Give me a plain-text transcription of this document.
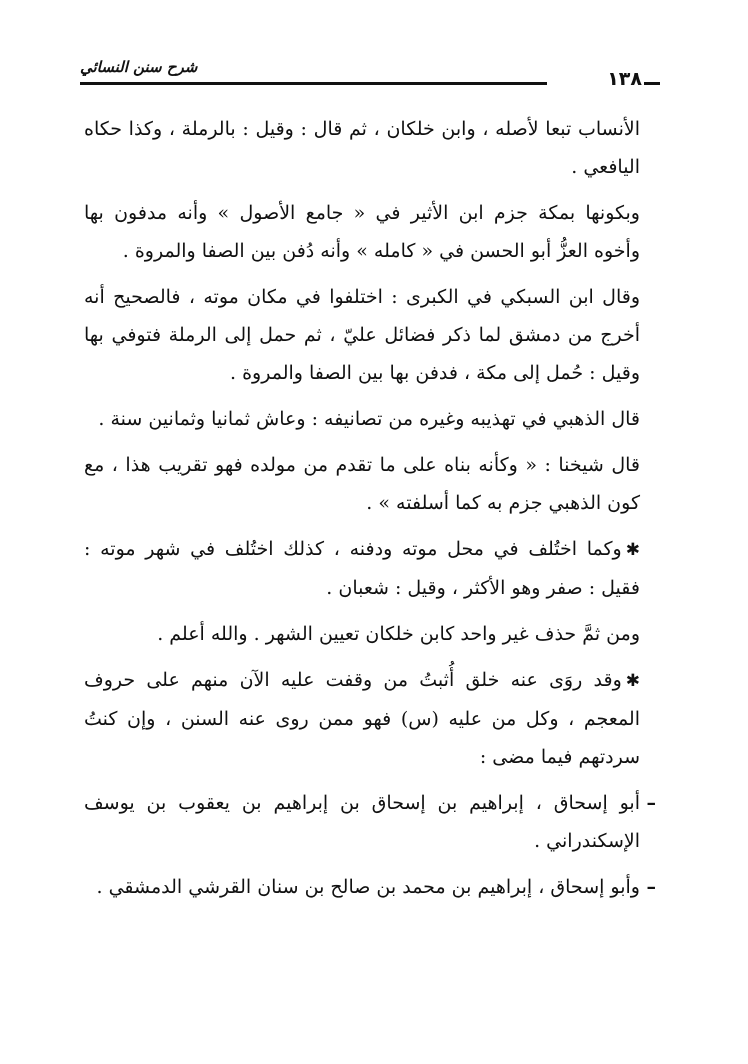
شرح سنن النسائي
١٣٨

الأنساب تبعا لأصله ، وابن خلكان ، ثم قال : وقيل : بالرملة ، وكذا حكاه اليافعي .

وبكونها بمكة جزم ابن الأثير في « جامع الأصول » وأنه مدفون بها وأخوه العزُّ أبو الحسن في « كامله » وأنه دُفن بين الصفا والمروة .

وقال ابن السبكي في الكبرى : اختلفوا في مكان موته ، فالصحيح أنه أخرج من دمشق لما ذكر فضائل عليّ ، ثم حمل إلى الرملة فتوفي بها وقيل : حُمل إلى مكة ، فدفن بها بين الصفا والمروة .

قال الذهبي في تهذيبه وغيره من تصانيفه : وعاش ثمانيا وثمانين سنة .

قال شيخنا : « وكأنه بناه على ما تقدم من مولده فهو تقريب هذا ، مع كون الذهبي جزم به كما أسلفته » .

✱ وكما اختُلف في محل موته ودفنه ، كذلك اختُلف في شهر موته : فقيل : صفر وهو الأكثر ، وقيل : شعبان .

ومن ثمَّ حذف غير واحد كابن خلكان تعيين الشهر . والله أعلم .

✱ وقد روَى عنه خلق أُثبتُ من وقفت عليه الآن منهم على حروف المعجم ، وكل من عليه (س) فهو ممن روى عنه السنن ، وإن كنتُ سردتهم فيما مضى :

–
أبو إسحاق ، إبراهيم بن إسحاق بن إبراهيم بن يعقوب بن يوسف الإسكندراني .
–
وأبو إسحاق ، إبراهيم بن محمد بن صالح بن سنان القرشي الدمشقي .
